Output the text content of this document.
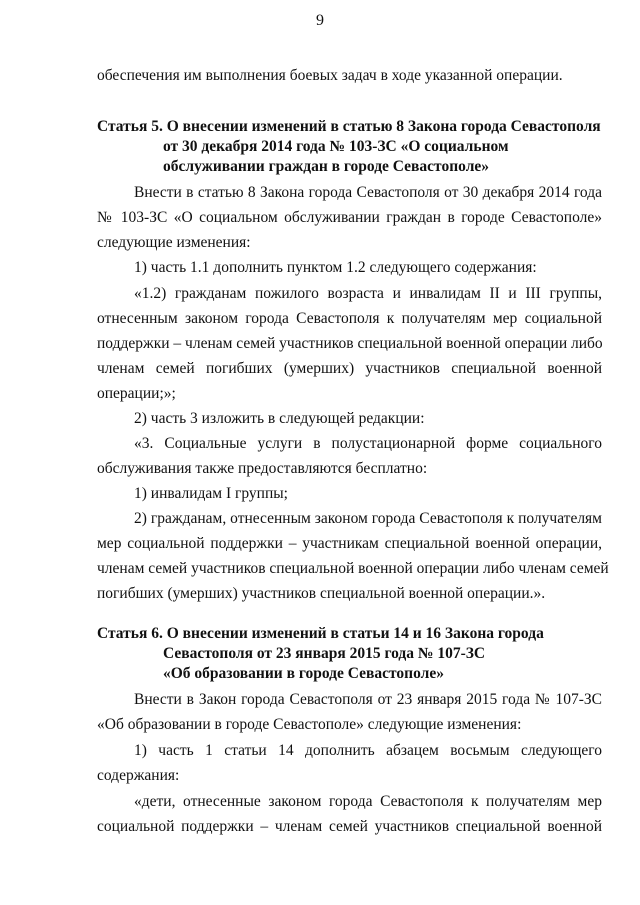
9
обеспечения им выполнения боевых задач в ходе указанной операции.
Статья 5. О внесении изменений в статью 8 Закона города Севастополя
от 30 декабря 2014 года № 103-ЗС «О социальном
обслуживании граждан в городе Севастополе»
Внести в статью 8 Закона города Севастополя от 30 декабря 2014 года
№ 103-ЗС «О социальном обслуживании граждан в городе Севастополе»
следующие изменения:
1) часть 1.1 дополнить пунктом 1.2 следующего содержания:
«1.2) гражданам пожилого возраста и инвалидам II и III группы,
отнесенным законом города Севастополя к получателям мер социальной
поддержки – членам семей участников специальной военной операции либо
членам семей погибших (умерших) участников специальной военной
операции;»;
2) часть 3 изложить в следующей редакции:
«3. Социальные услуги в полустационарной форме социального
обслуживания также предоставляются бесплатно:
1) инвалидам I группы;
2) гражданам, отнесенным законом города Севастополя к получателям
мер социальной поддержки – участникам специальной военной операции,
членам семей участников специальной военной операции либо членам семей
погибших (умерших) участников специальной военной операции.».
Статья 6. О внесении изменений в статьи 14 и 16 Закона города
Севастополя от 23 января 2015 года № 107-ЗС
«Об образовании в городе Севастополе»
Внести в Закон города Севастополя от 23 января 2015 года № 107-ЗС
«Об образовании в городе Севастополе» следующие изменения:
1) часть 1 статьи 14 дополнить абзацем восьмым следующего
содержания:
«дети, отнесенные законом города Севастополя к получателям мер
социальной поддержки – членам семей участников специальной военной
